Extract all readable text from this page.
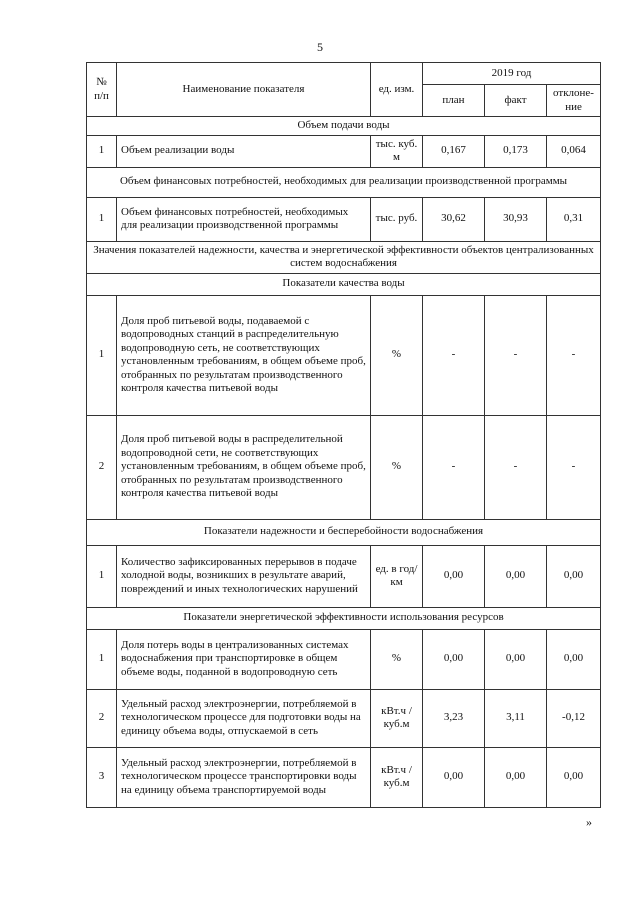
5
№ п/п	Наименование показателя	ед. изм.	2019 год		
			план	факт	отклоне-ние
Объем подачи воды					
1	Объем реализации воды	тыс. куб. м	0,167	0,173	0,064
Объем финансовых потребностей, необходимых для реализации производственной программы					
1	Объем финансовых потребностей, необходимых для реализации производственной программы	тыс. руб.	30,62	30,93	0,31
Значения показателей надежности, качества и энергетической эффективности объектов централизованных систем водоснабжения					
Показатели качества воды					
1	Доля проб питьевой воды, подаваемой с водопроводных станций в распределительную водопроводную сеть, не соответствующих установленным требованиям, в общем объеме проб, отобранных по результатам производственного контроля качества питьевой воды	%	-	-	-
2	Доля проб питьевой воды в распределительной водопроводной сети, не соответствующих установленным требованиям, в общем объеме проб, отобранных по результатам производственного контроля качества питьевой воды	%	-	-	-
Показатели надежности и бесперебойности водоснабжения					
1	Количество зафиксированных перерывов в подаче холодной воды, возникших в результате аварий, повреждений и иных технологических нарушений	ед. в год/км	0,00	0,00	0,00
Показатели энергетической эффективности использования ресурсов					
1	Доля потерь воды в централизованных системах водоснабжения при транспортировке в общем объеме воды, поданной в водопроводную сеть	%	0,00	0,00	0,00
2	Удельный расход электроэнергии, потребляемой в технологическом процессе для подготовки воды на единицу объема воды, отпускаемой в сеть	кВт.ч / куб.м	3,23	3,11	-0,12
3	Удельный расход электроэнергии, потребляемой в технологическом процессе транспортировки воды на единицу объема транспортируемой воды	кВт.ч / куб.м	0,00	0,00	0,00
»
